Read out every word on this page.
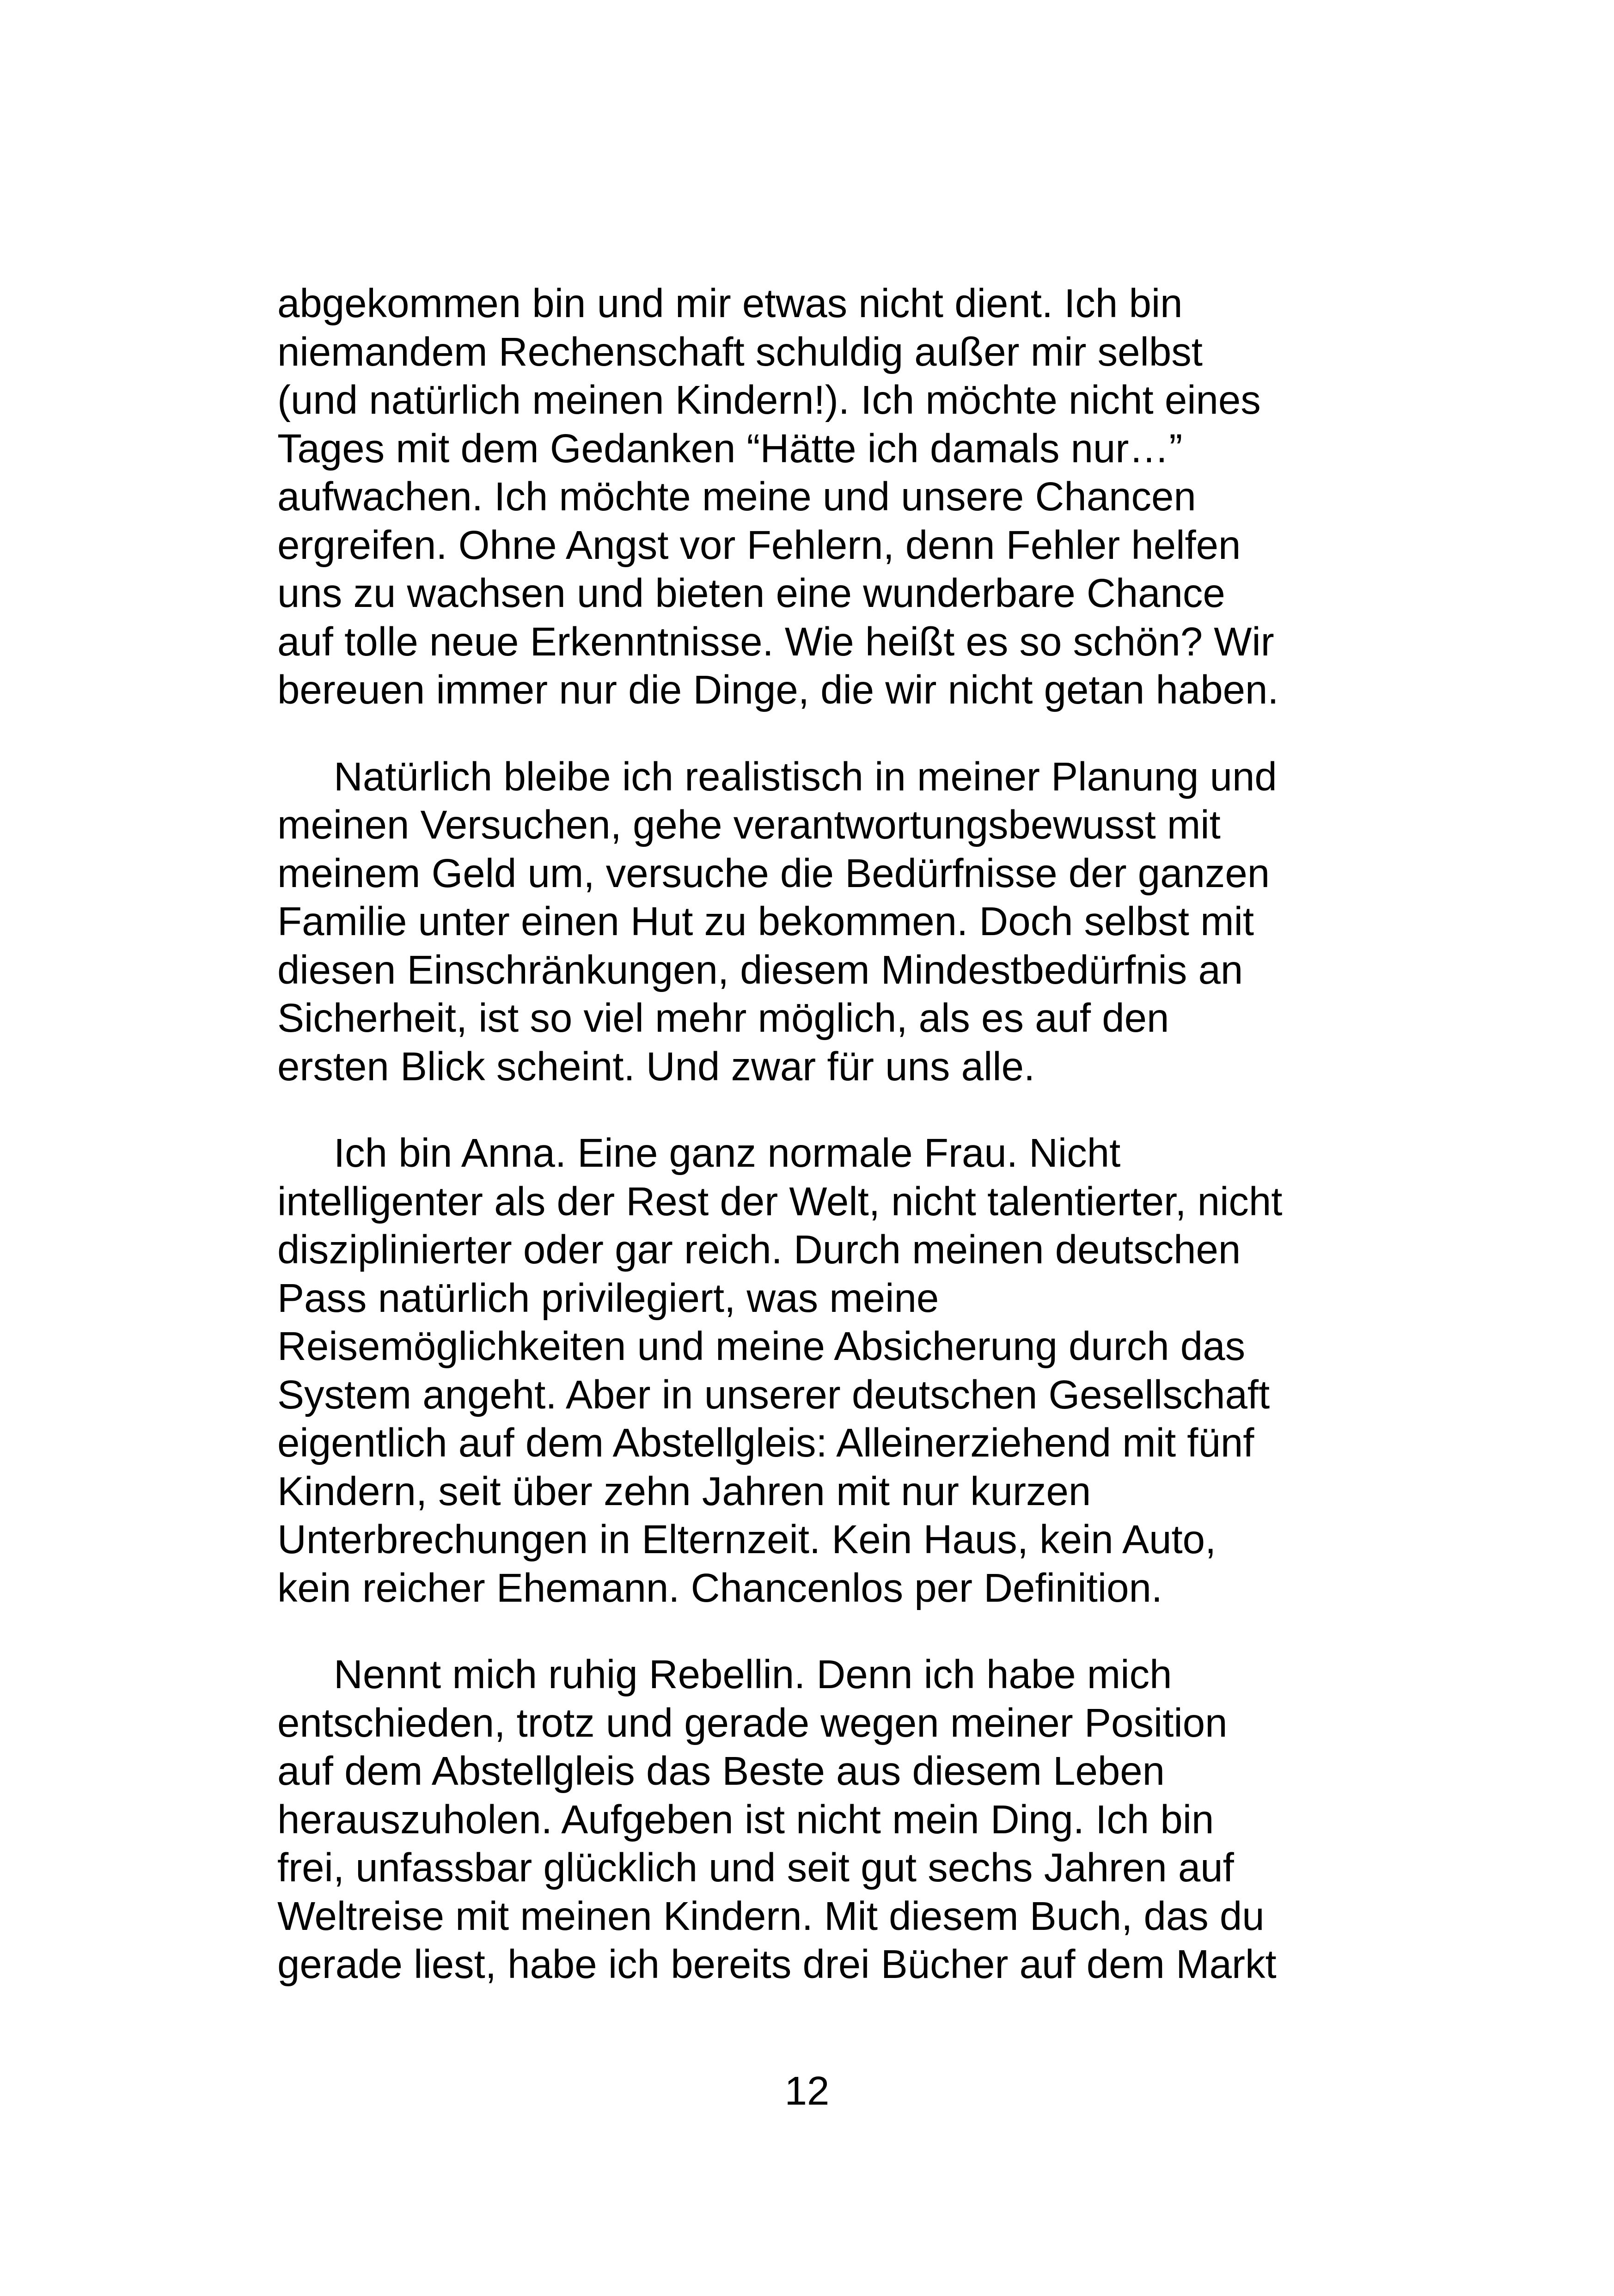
abgekommen bin und mir etwas nicht dient. Ich bin
niemandem Rechenschaft schuldig außer mir selbst
(und natürlich meinen Kindern!). Ich möchte nicht eines
Tages mit dem Gedanken “Hätte ich damals nur…”
aufwachen. Ich möchte meine und unsere Chancen
ergreifen. Ohne Angst vor Fehlern, denn Fehler helfen
uns zu wachsen und bieten eine wunderbare Chance
auf tolle neue Erkenntnisse. Wie heißt es so schön? Wir
bereuen immer nur die Dinge, die wir nicht getan haben.

Natürlich bleibe ich realistisch in meiner Planung und
meinen Versuchen, gehe verantwortungsbewusst mit
meinem Geld um, versuche die Bedürfnisse der ganzen
Familie unter einen Hut zu bekommen. Doch selbst mit
diesen Einschränkungen, diesem Mindestbedürfnis an
Sicherheit, ist so viel mehr möglich, als es auf den
ersten Blick scheint. Und zwar für uns alle.

Ich bin Anna. Eine ganz normale Frau. Nicht
intelligenter als der Rest der Welt, nicht talentierter, nicht
disziplinierter oder gar reich. Durch meinen deutschen
Pass natürlich privilegiert, was meine
Reisemöglichkeiten und meine Absicherung durch das
System angeht. Aber in unserer deutschen Gesellschaft
eigentlich auf dem Abstellgleis: Alleinerziehend mit fünf
Kindern, seit über zehn Jahren mit nur kurzen
Unterbrechungen in Elternzeit. Kein Haus, kein Auto,
kein reicher Ehemann. Chancenlos per Definition.

Nennt mich ruhig Rebellin. Denn ich habe mich
entschieden, trotz und gerade wegen meiner Position
auf dem Abstellgleis das Beste aus diesem Leben
herauszuholen. Aufgeben ist nicht mein Ding. Ich bin
frei, unfassbar glücklich und seit gut sechs Jahren auf
Weltreise mit meinen Kindern. Mit diesem Buch, das du
gerade liest, habe ich bereits drei Bücher auf dem Markt

12
